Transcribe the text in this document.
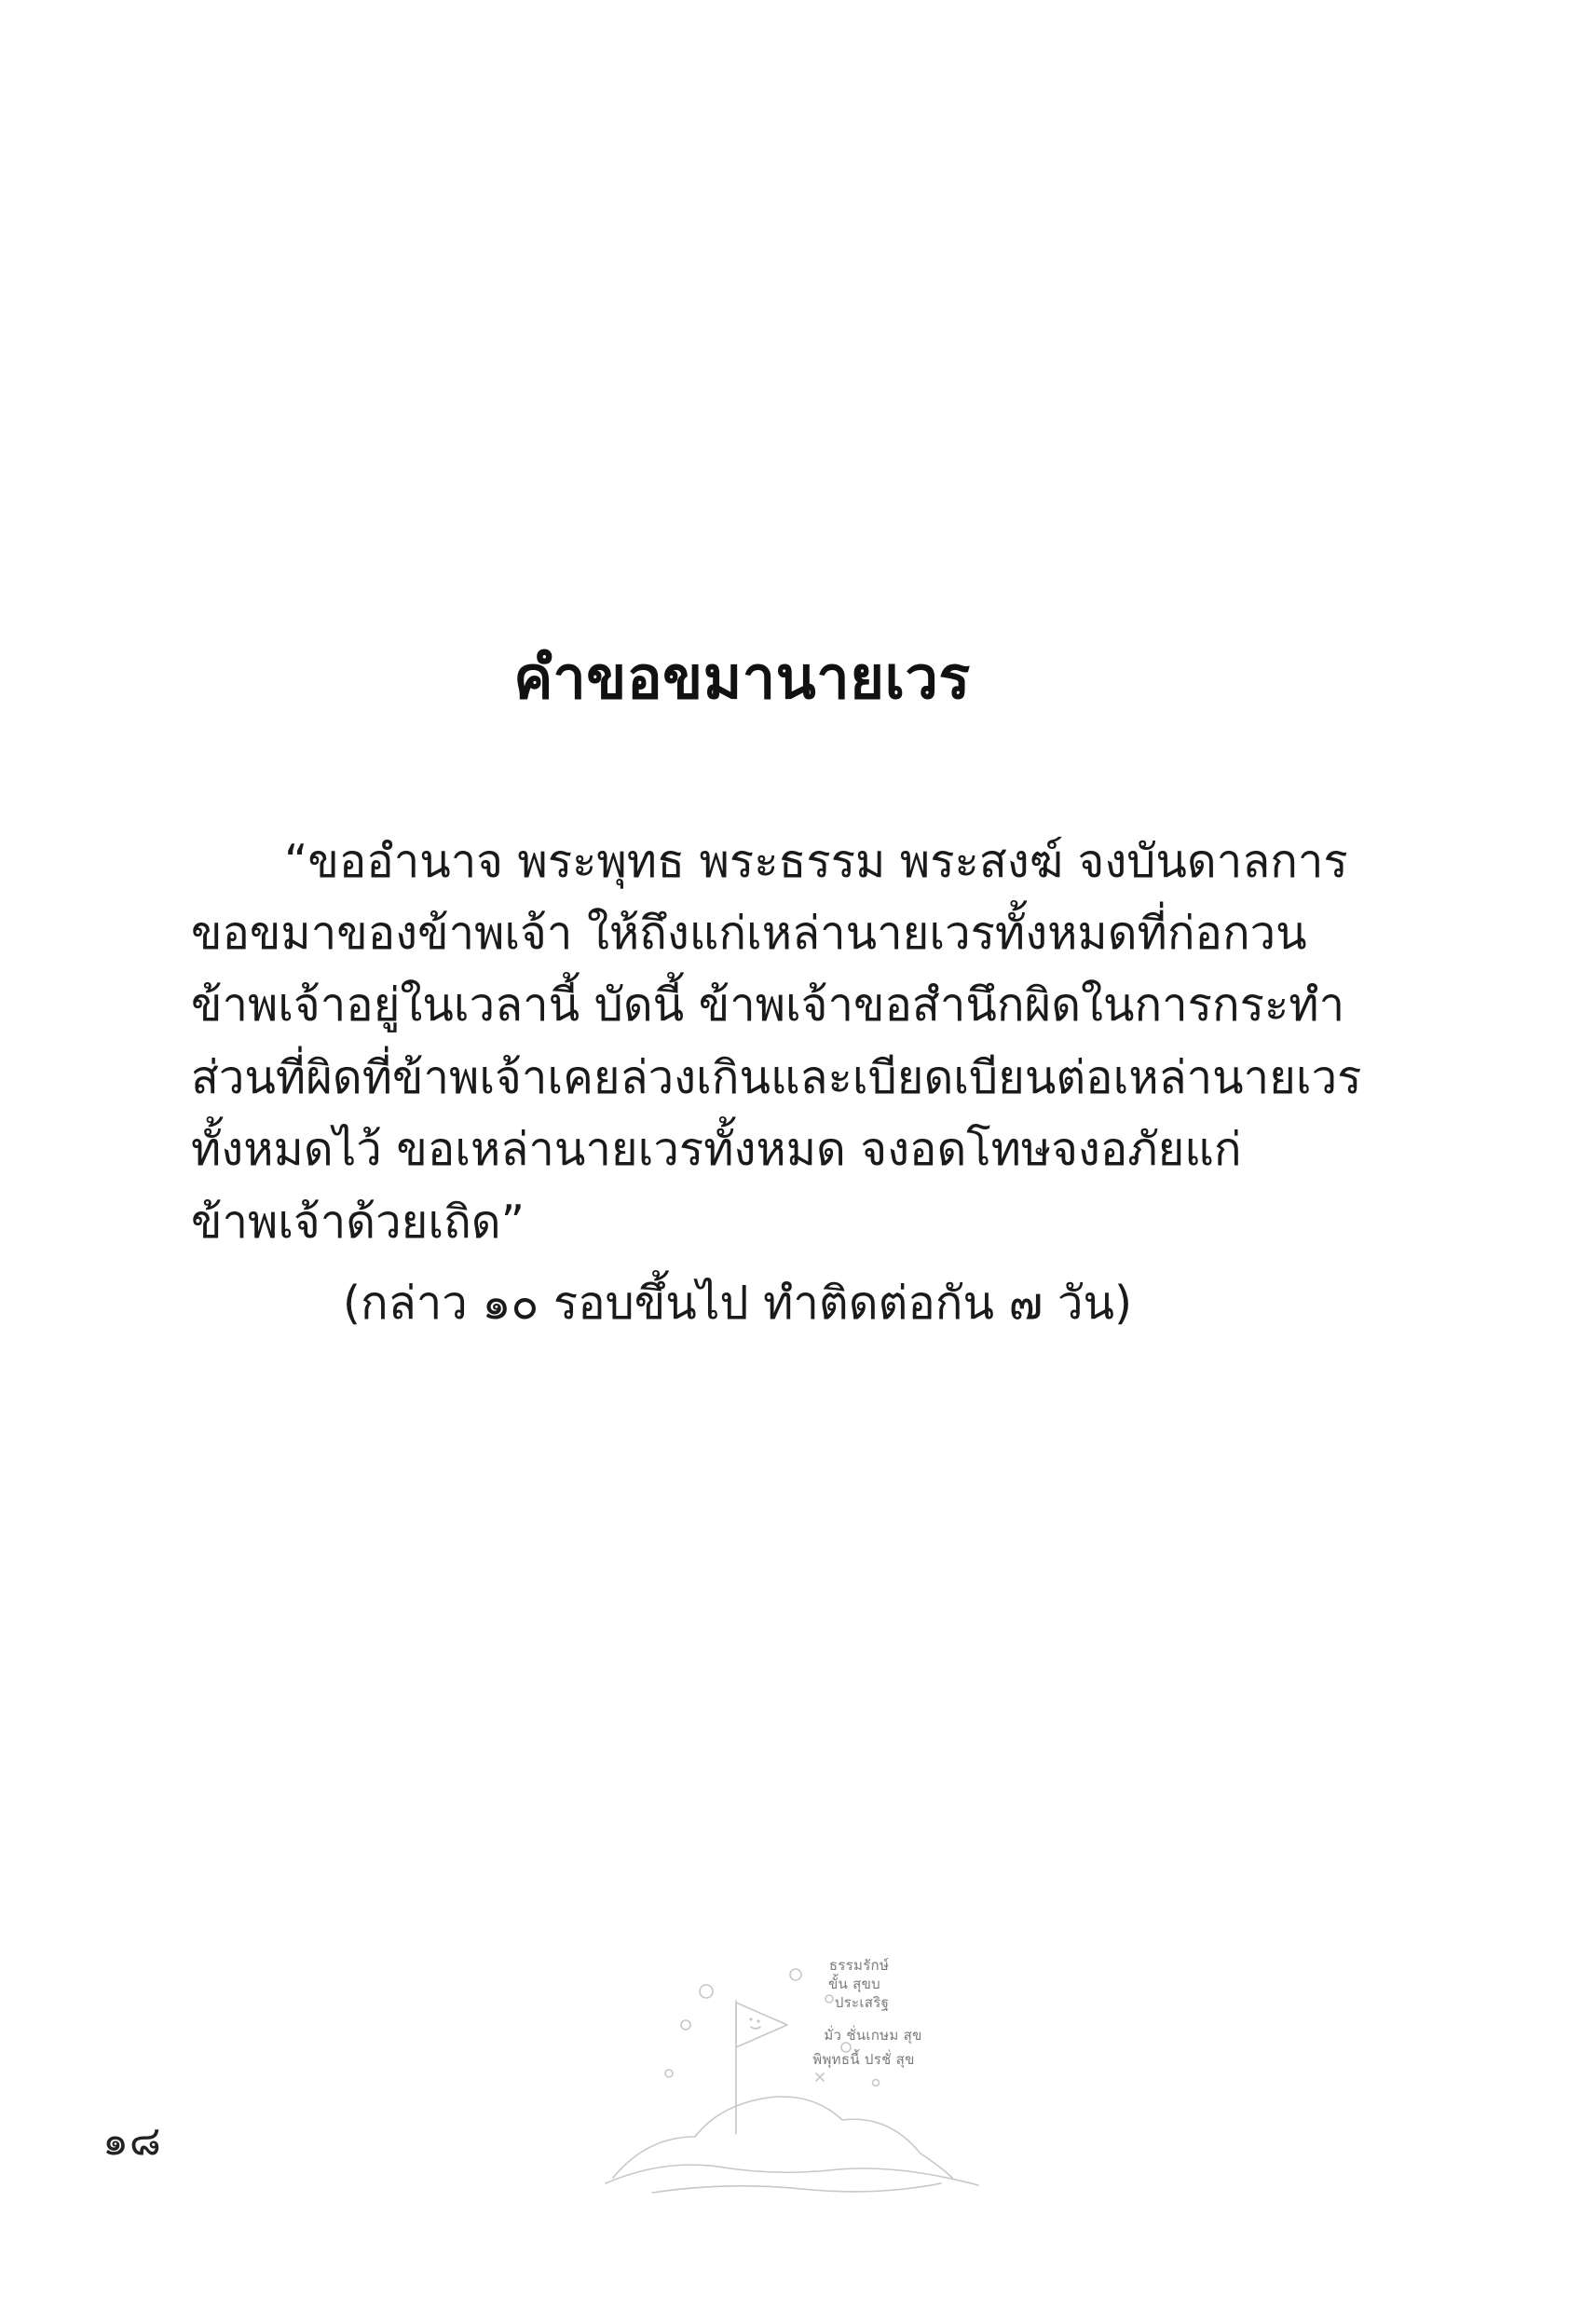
คำขอขมานายเวร

“ขออำนาจ พระพุทธ พระธรรม พระสงฆ์ จงบันดาลการขอขมาของข้าพเจ้า ให้ถึงแก่เหล่านายเวรทั้งหมดที่ก่อกวนข้าพเจ้าอยู่ในเวลานี้ บัดนี้ ข้าพเจ้าขอสำนึกผิดในการกระทำส่วนที่ผิดที่ข้าพเจ้าเคยล่วงเกินและเบียดเบียนต่อเหล่านายเวรทั้งหมดไว้ ขอเหล่านายเวรทั้งหมด จงอดโทษจงอภัยแก่ข้าพเจ้าด้วยเถิด”

(กล่าว ๑๐ รอบขึ้นไป ทำติดต่อกัน ๗ วัน)

๑๘
ธรรมรักษ์
ขั้น สุขบ
ประเสริฐ
มั่ว ชั่นเกษม สุข
พิพุทธนี้ ปรชั่ สุข
